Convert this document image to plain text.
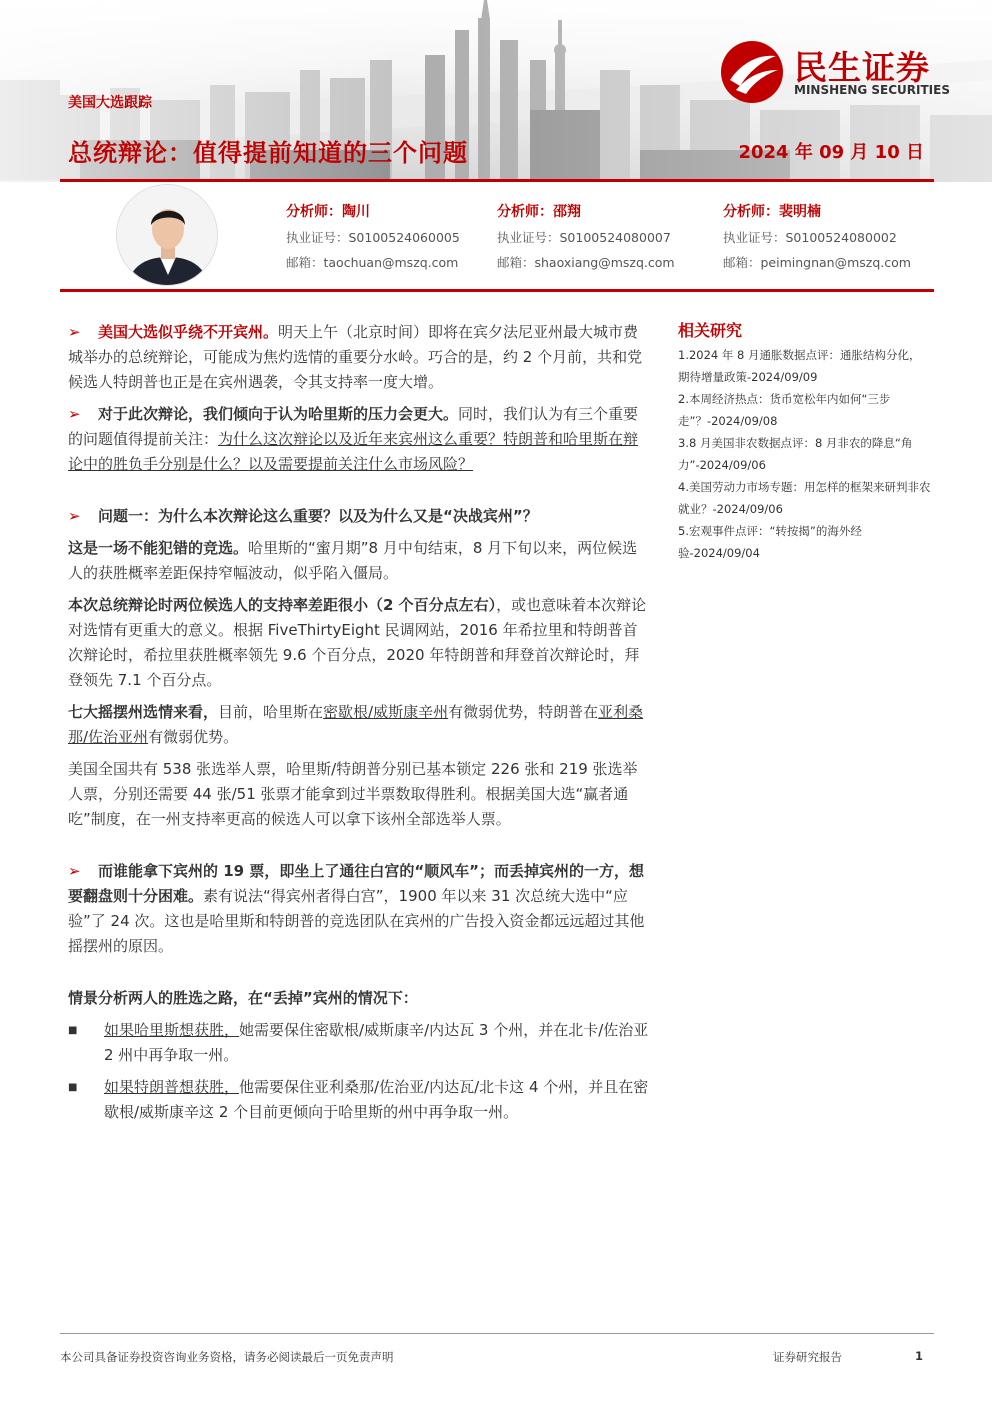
美国大选跟踪
总统辩论：值得提前知道的三个问题	2024 年 09 月 10 日
民生证券
MINSHENG SECURITIES
分析师：陶川
执业证号：S0100524060005
邮箱：taochuan@mszq.com
分析师：邵翔
执业证号：S0100524080007
邮箱：shaoxiang@mszq.com
分析师：裴明楠
执业证号：S0100524080002
邮箱：peimingnan@mszq.com

➢ 美国大选似乎绕不开宾州。明天上午（北京时间）即将在宾夕法尼亚州最大城市费城举办的总统辩论，可能成为焦灼选情的重要分水岭。巧合的是，约 2 个月前，共和党候选人特朗普也正是在宾州遇袭，令其支持率一度大增。

➢ 对于此次辩论，我们倾向于认为哈里斯的压力会更大。同时，我们认为有三个重要的问题值得提前关注：为什么这次辩论以及近年来宾州这么重要？特朗普和哈里斯在辩论中的胜负手分别是什么？以及需要提前关注什么市场风险？

➢ 问题一：为什么本次辩论这么重要？以及为什么又是“决战宾州”？

这是一场不能犯错的竞选。哈里斯的“蜜月期”8 月中旬结束，8 月下旬以来，两位候选人的获胜概率差距保持窄幅波动，似乎陷入僵局。

本次总统辩论时两位候选人的支持率差距很小（2 个百分点左右），或也意味着本次辩论对选情有更重大的意义。根据 FiveThirtyEight 民调网站，2016 年希拉里和特朗普首次辩论时，希拉里获胜概率领先 9.6 个百分点，2020 年特朗普和拜登首次辩论时，拜登领先 7.1 个百分点。

七大摇摆州选情来看，目前，哈里斯在密歇根/威斯康辛州有微弱优势，特朗普在亚利桑那/佐治亚州有微弱优势。

美国全国共有 538 张选举人票，哈里斯/特朗普分别已基本锁定 226 张和 219 张选举人票，分别还需要 44 张/51 张票才能拿到过半票数取得胜利。根据美国大选“赢者通吃”制度，在一州支持率更高的候选人可以拿下该州全部选举人票。

➢ 而谁能拿下宾州的 19 票，即坐上了通往白宫的“顺风车”；而丢掉宾州的一方，想要翻盘则十分困难。素有说法“得宾州者得白宫”，1900 年以来 31 次总统大选中“应验”了 24 次。这也是哈里斯和特朗普的竞选团队在宾州的广告投入资金都远远超过其他摇摆州的原因。

情景分析两人的胜选之路，在“丢掉”宾州的情况下：

■ 如果哈里斯想获胜，她需要保住密歇根/威斯康辛/内达瓦 3 个州，并在北卡/佐治亚 2 州中再争取一州。

■ 如果特朗普想获胜，他需要保住亚利桑那/佐治亚/内达瓦/北卡这 4 个州，并且在密歇根/威斯康辛这 2 个目前更倾向于哈里斯的州中再争取一州。

相关研究
1.2024 年 8 月通胀数据点评：通胀结构分化，期待增量政策-2024/09/09
2.本周经济热点：货币宽松年内如何“三步走”？-2024/09/08
3.8 月美国非农数据点评：8 月非农的降息“角力”-2024/09/06
4.美国劳动力市场专题：用怎样的框架来研判非农就业？-2024/09/06
5.宏观事件点评：“转按揭”的海外经验-2024/09/04
本公司具备证券投资咨询业务资格，请务必阅读最后一页免责声明	证券研究报告	1
